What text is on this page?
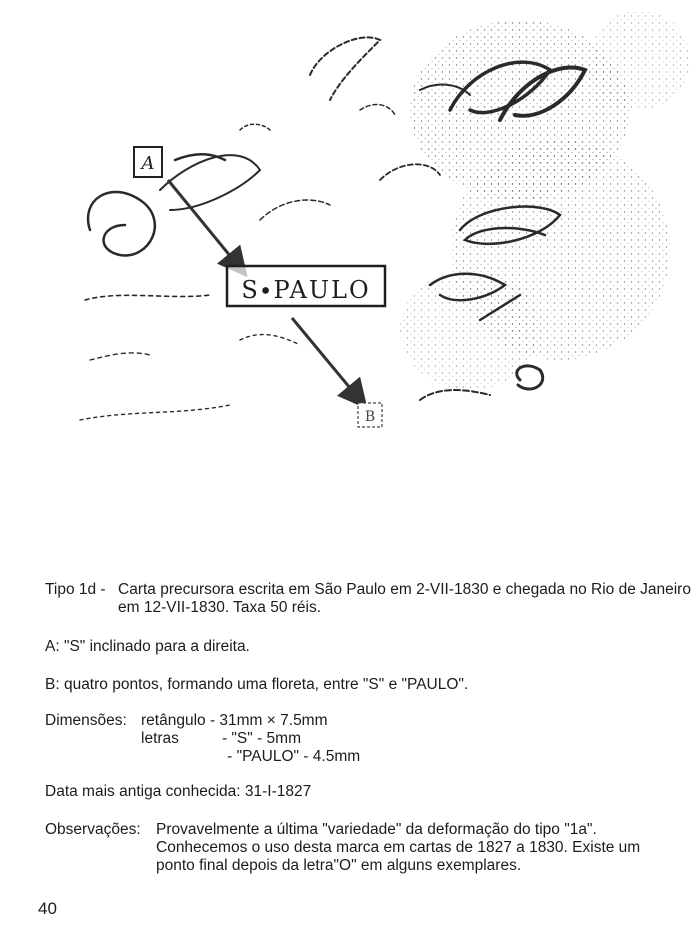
A
B
S∙PAULO
Tipo 1d - Carta precursora escrita em São Paulo em 2-VII-1830 e chegada no Rio de Janeiro em 12-VII-1830. Taxa 50 réis.
A: "S" inclinado para a direita.
B: quatro pontos, formando uma floreta, entre "S" e "PAULO".
Dimensões: retângulo - 31mm × 7.5mm
letras          - "S" - 5mm
- "PAULO" - 4.5mm
Data mais antiga conhecida: 31-I-1827
Observações: Provavelmente a última "variedade" da deformação do tipo "1a". Conhecemos o uso desta marca em cartas de 1827 a 1830. Existe um ponto final depois da letra"O" em alguns exemplares.
40
